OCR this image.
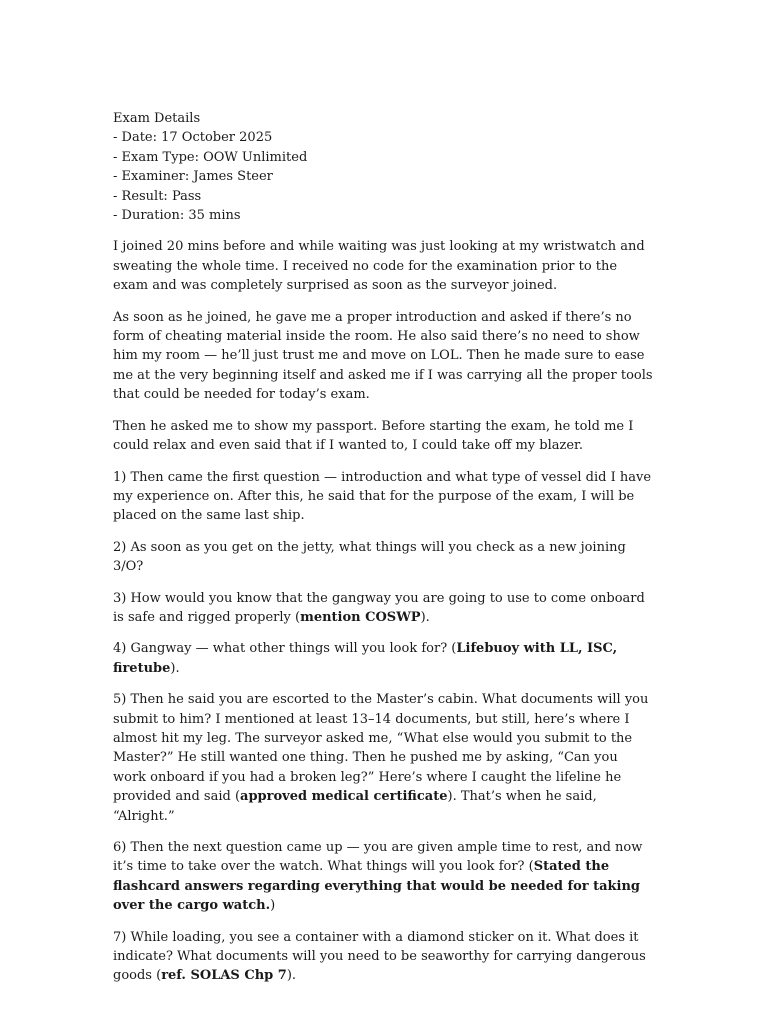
Exam Details
- Date: 17 October 2025
- Exam Type: OOW Unlimited
- Examiner: James Steer
- Result: Pass
- Duration: 35 mins

I joined 20 mins before and while waiting was just looking at my wristwatch and sweating the whole time. I received no code for the examination prior to the exam and was completely surprised as soon as the surveyor joined.

As soon as he joined, he gave me a proper introduction and asked if there’s no form of cheating material inside the room. He also said there’s no need to show him my room — he’ll just trust me and move on LOL. Then he made sure to ease me at the very beginning itself and asked me if I was carrying all the proper tools that could be needed for today’s exam.

Then he asked me to show my passport. Before starting the exam, he told me I could relax and even said that if I wanted to, I could take off my blazer.

1) Then came the first question — introduction and what type of vessel did I have my experience on. After this, he said that for the purpose of the exam, I will be placed on the same last ship.

2) As soon as you get on the jetty, what things will you check as a new joining 3/O?

3) How would you know that the gangway you are going to use to come onboard is safe and rigged properly (mention COSWP).

4) Gangway — what other things will you look for? (Lifebuoy with LL, ISC, firetube).

5) Then he said you are escorted to the Master’s cabin. What documents will you submit to him? I mentioned at least 13–14 documents, but still, here’s where I almost hit my leg. The surveyor asked me, “What else would you submit to the Master?” He still wanted one thing. Then he pushed me by asking, “Can you work onboard if you had a broken leg?” Here’s where I caught the lifeline he provided and said (approved medical certificate). That’s when he said, “Alright.”

6) Then the next question came up — you are given ample time to rest, and now it’s time to take over the watch. What things will you look for? (Stated the flashcard answers regarding everything that would be needed for taking over the cargo watch.)

7) While loading, you see a container with a diamond sticker on it. What does it indicate? What documents will you need to be seaworthy for carrying dangerous goods (ref. SOLAS Chp 7).
